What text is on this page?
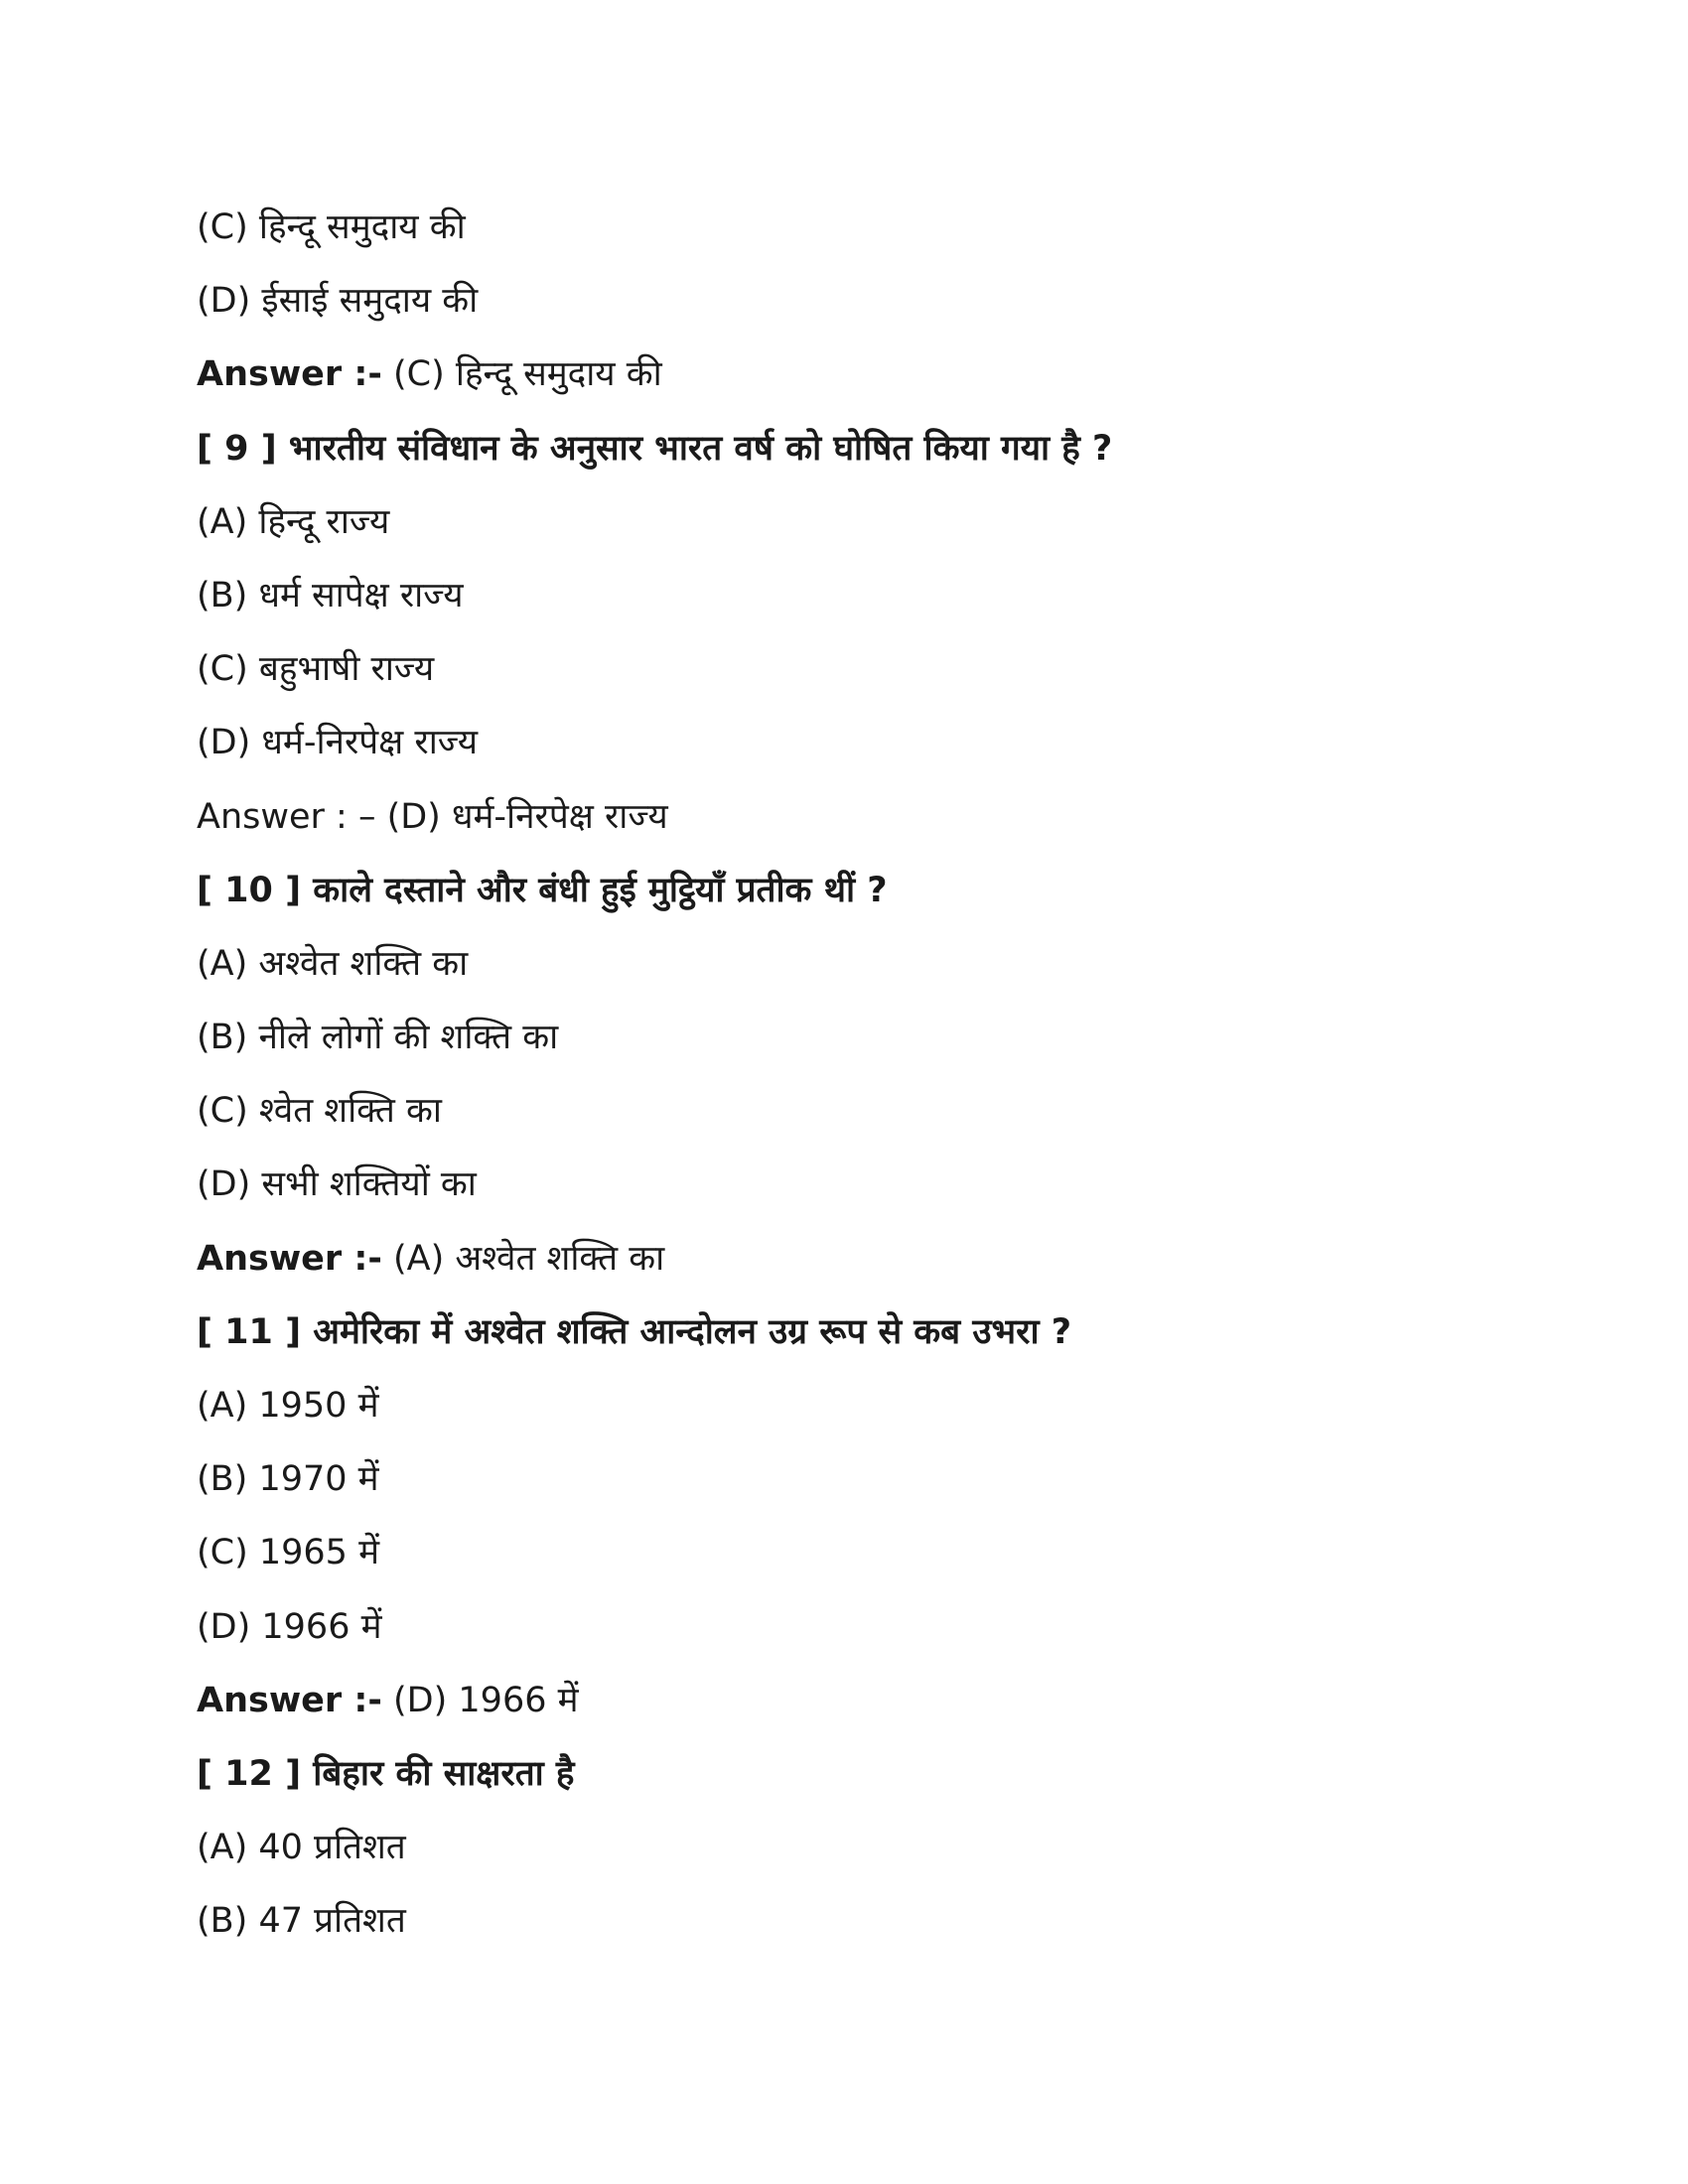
(C) हिन्दू समुदाय की
(D) ईसाई समुदाय की
Answer :- (C) हिन्दू समुदाय की
[ 9 ] भारतीय संविधान के अनुसार भारत वर्ष को घोषित किया गया है ?
(A) हिन्दू राज्य
(B) धर्म सापेक्ष राज्य
(C) बहुभाषी राज्य
(D) धर्म-निरपेक्ष राज्य
Answer : – (D) धर्म-निरपेक्ष राज्य
[ 10 ] काले दस्ताने और बंधी हुई मुट्ठियाँ प्रतीक थीं ?
(A) अश्वेत शक्ति का
(B) नीले लोगों की शक्ति का
(C) श्वेत शक्ति का
(D) सभी शक्तियों का
Answer :- (A) अश्वेत शक्ति का
[ 11 ] अमेरिका में अश्वेत शक्ति आन्दोलन उग्र रूप से कब उभरा ?
(A) 1950 में
(B) 1970 में
(C) 1965 में
(D) 1966 में
Answer :- (D) 1966 में
[ 12 ] बिहार की साक्षरता है
(A) 40 प्रतिशत
(B) 47 प्रतिशत
